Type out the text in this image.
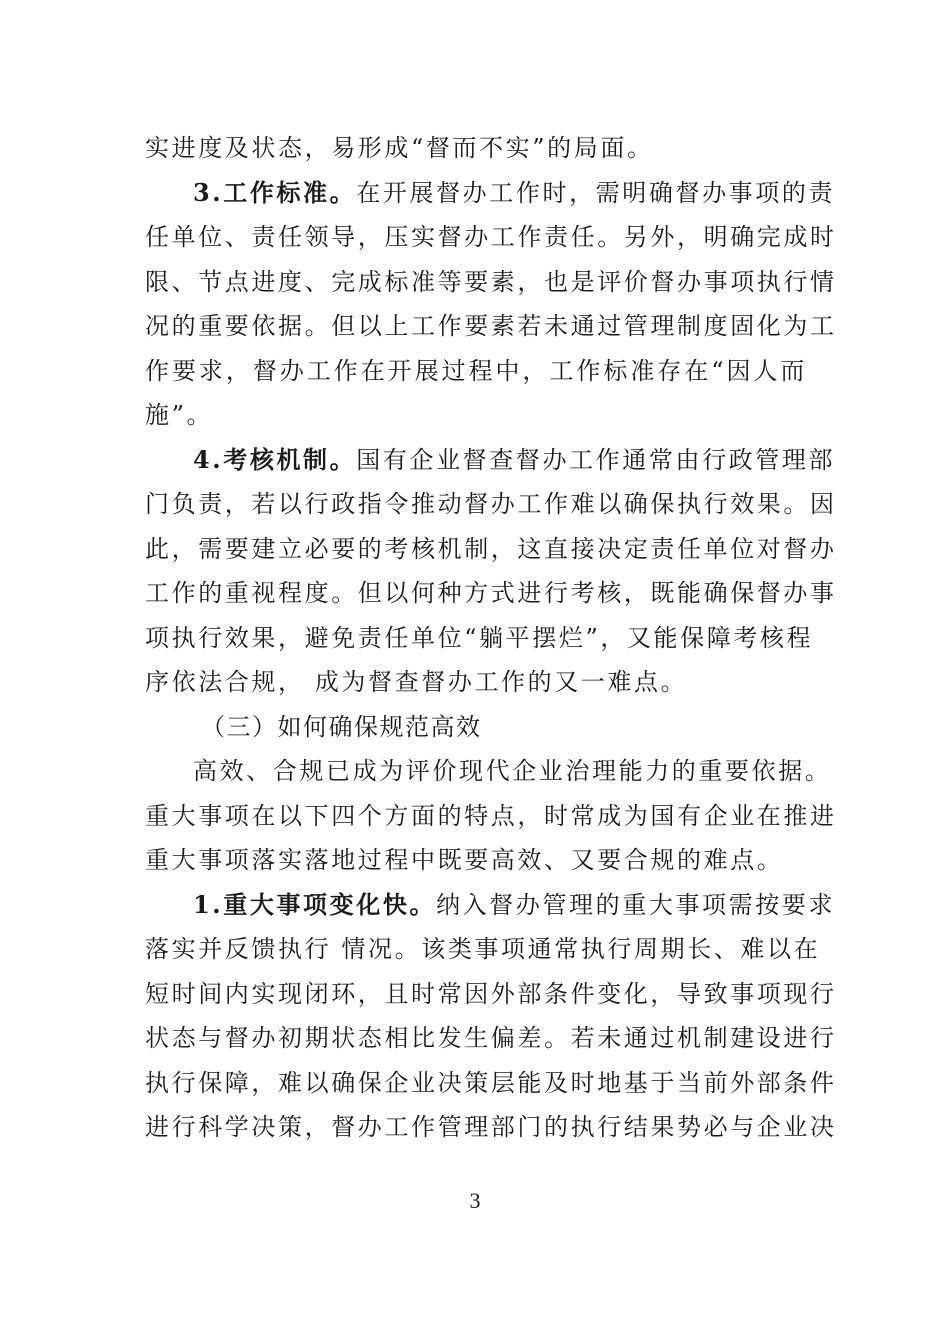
实进度及状态，易形成“督而不实”的局面。
3.工作标准。在开展督办工作时，需明确督办事项的责
任单位、责任领导，压实督办工作责任。另外，明确完成时
限、节点进度、完成标准等要素，也是评价督办事项执行情
况的重要依据。但以上工作要素若未通过管理制度固化为工
作要求，督办工作在开展过程中，工作标准存在“因人而
施”。
4.考核机制。国有企业督查督办工作通常由行政管理部
门负责，若以行政指令推动督办工作难以确保执行效果。因
此，需要建立必要的考核机制，这直接决定责任单位对督办
工作的重视程度。但以何种方式进行考核，既能确保督办事
项执行效果，避免责任单位“躺平摆烂”，又能保障考核程
序依法合规， 成为督查督办工作的又一难点。
（三）如何确保规范高效
高效、合规已成为评价现代企业治理能力的重要依据。
重大事项在以下四个方面的特点，时常成为国有企业在推进
重大事项落实落地过程中既要高效、又要合规的难点。
1.重大事项变化快。纳入督办管理的重大事项需按要求
落实并反馈执行 情况。该类事项通常执行周期长、难以在
短时间内实现闭环，且时常因外部条件变化，导致事项现行
状态与督办初期状态相比发生偏差。若未通过机制建设进行
执行保障，难以确保企业决策层能及时地基于当前外部条件
进行科学决策，督办工作管理部门的执行结果势必与企业决
3
